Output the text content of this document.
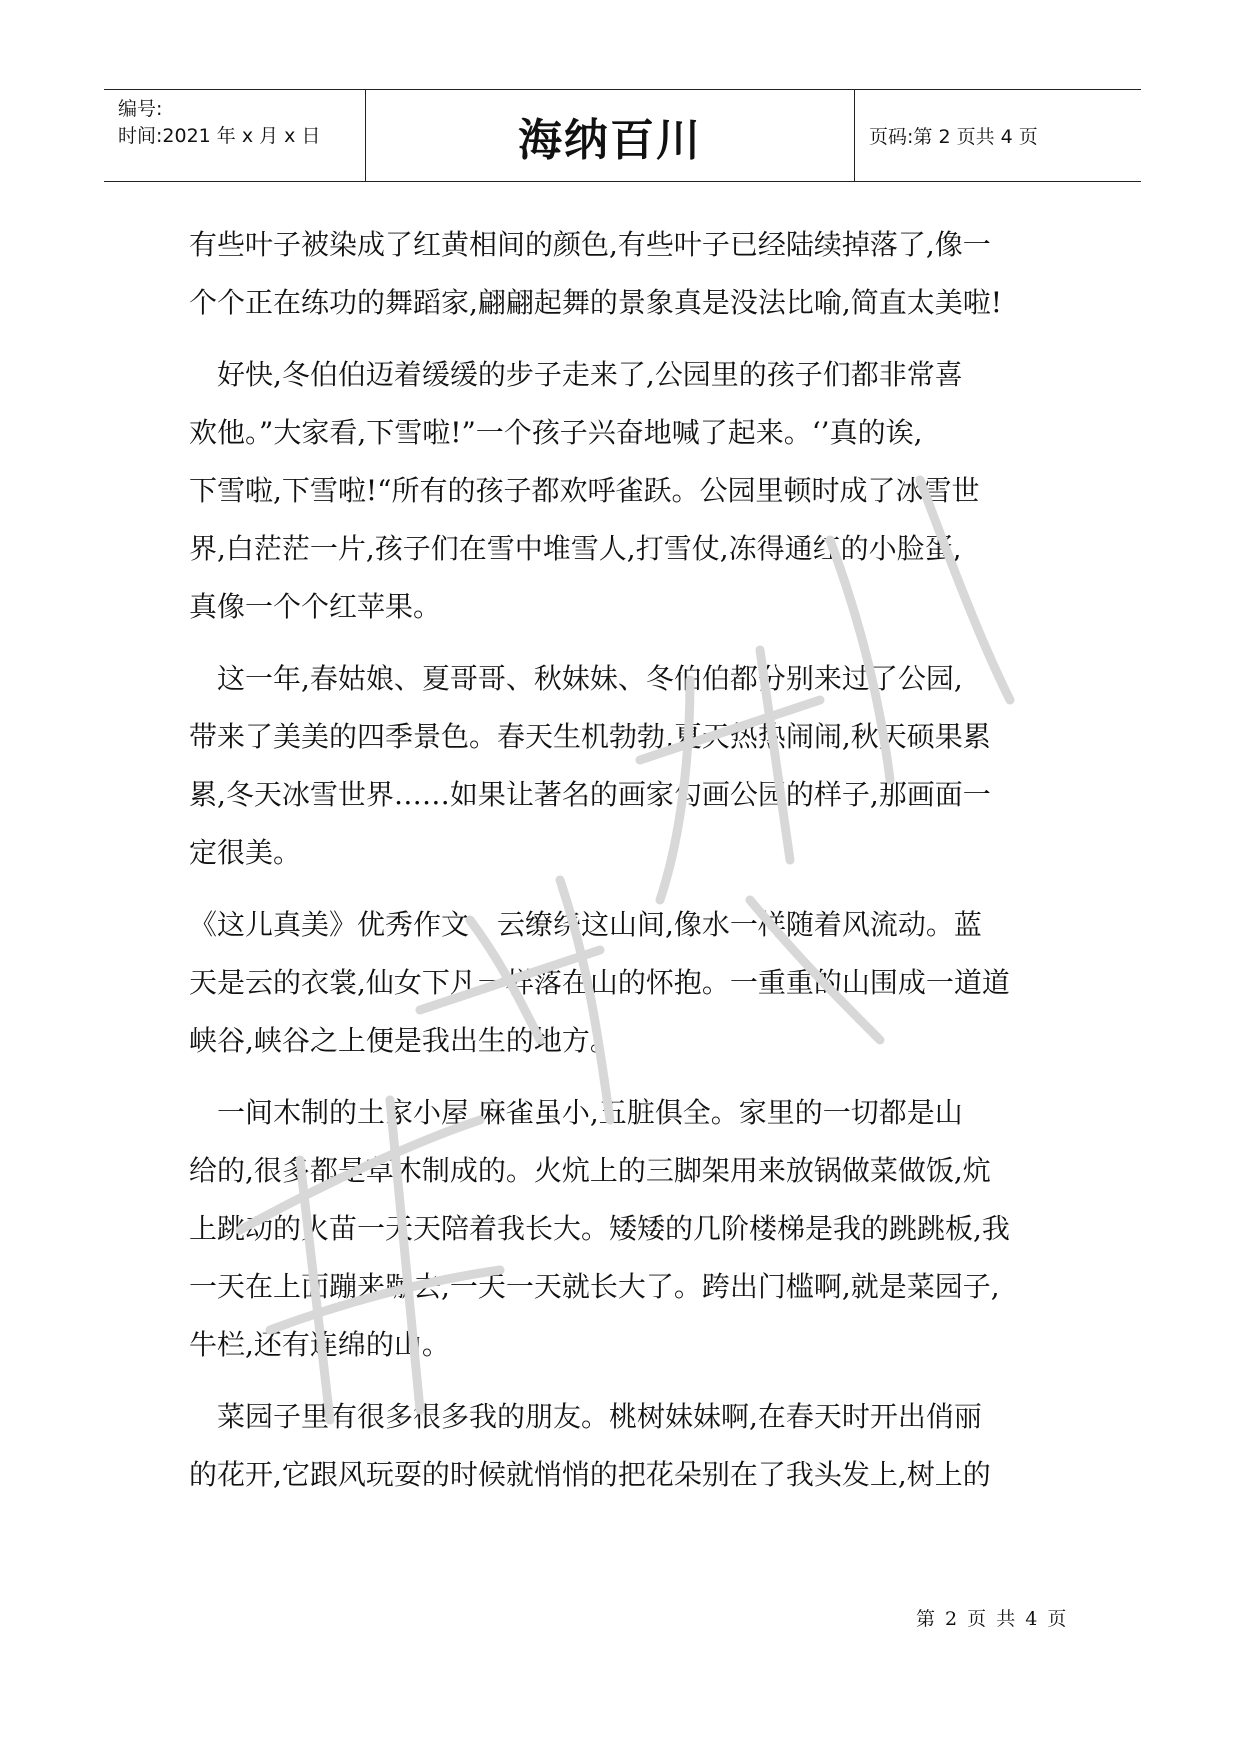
编号:
时间:2021 年 x 月 x 日	海纳百川	页码:第 2 页共 4 页
有些叶子被染成了红黄相间的颜色,有些叶子已经陆续掉落了,像一
个个正在练功的舞蹈家,翩翩起舞的景象真是没法比喻,简直太美啦!
　好快,冬伯伯迈着缓缓的步子走来了,公园里的孩子们都非常喜
欢他。”大家看,下雪啦!”一个孩子兴奋地喊了起来。‘’真的诶,
下雪啦,下雪啦!“所有的孩子都欢呼雀跃。公园里顿时成了冰雪世
界,白茫茫一片,孩子们在雪中堆雪人,打雪仗,冻得通红的小脸蛋,
真像一个个红苹果。
　这一年,春姑娘、夏哥哥、秋妹妹、冬伯伯都分别来过了公园,
带来了美美的四季景色。春天生机勃勃,夏天热热闹闹,秋天硕果累
累,冬天冰雪世界……如果让著名的画家勾画公园的样子,那画面一
定很美。
《这儿真美》优秀作文　云缭绕这山间,像水一样随着风流动。蓝
天是云的衣裳,仙女下凡一样落在山的怀抱。一重重的山围成一道道
峡谷,峡谷之上便是我出生的地方。
　一间木制的土家小屋,麻雀虽小,五脏俱全。家里的一切都是山
给的,很多都是草木制成的。火炕上的三脚架用来放锅做菜做饭,炕
上跳动的火苗一天天陪着我长大。矮矮的几阶楼梯是我的跳跳板,我
一天在上面蹦来蹦去,一天一天就长大了。跨出门槛啊,就是菜园子,
牛栏,还有连绵的山。
　菜园子里有很多很多我的朋友。桃树妹妹啊,在春天时开出俏丽
的花开,它跟风玩耍的时候就悄悄的把花朵别在了我头发上,树上的
第 2 页 共 4 页
